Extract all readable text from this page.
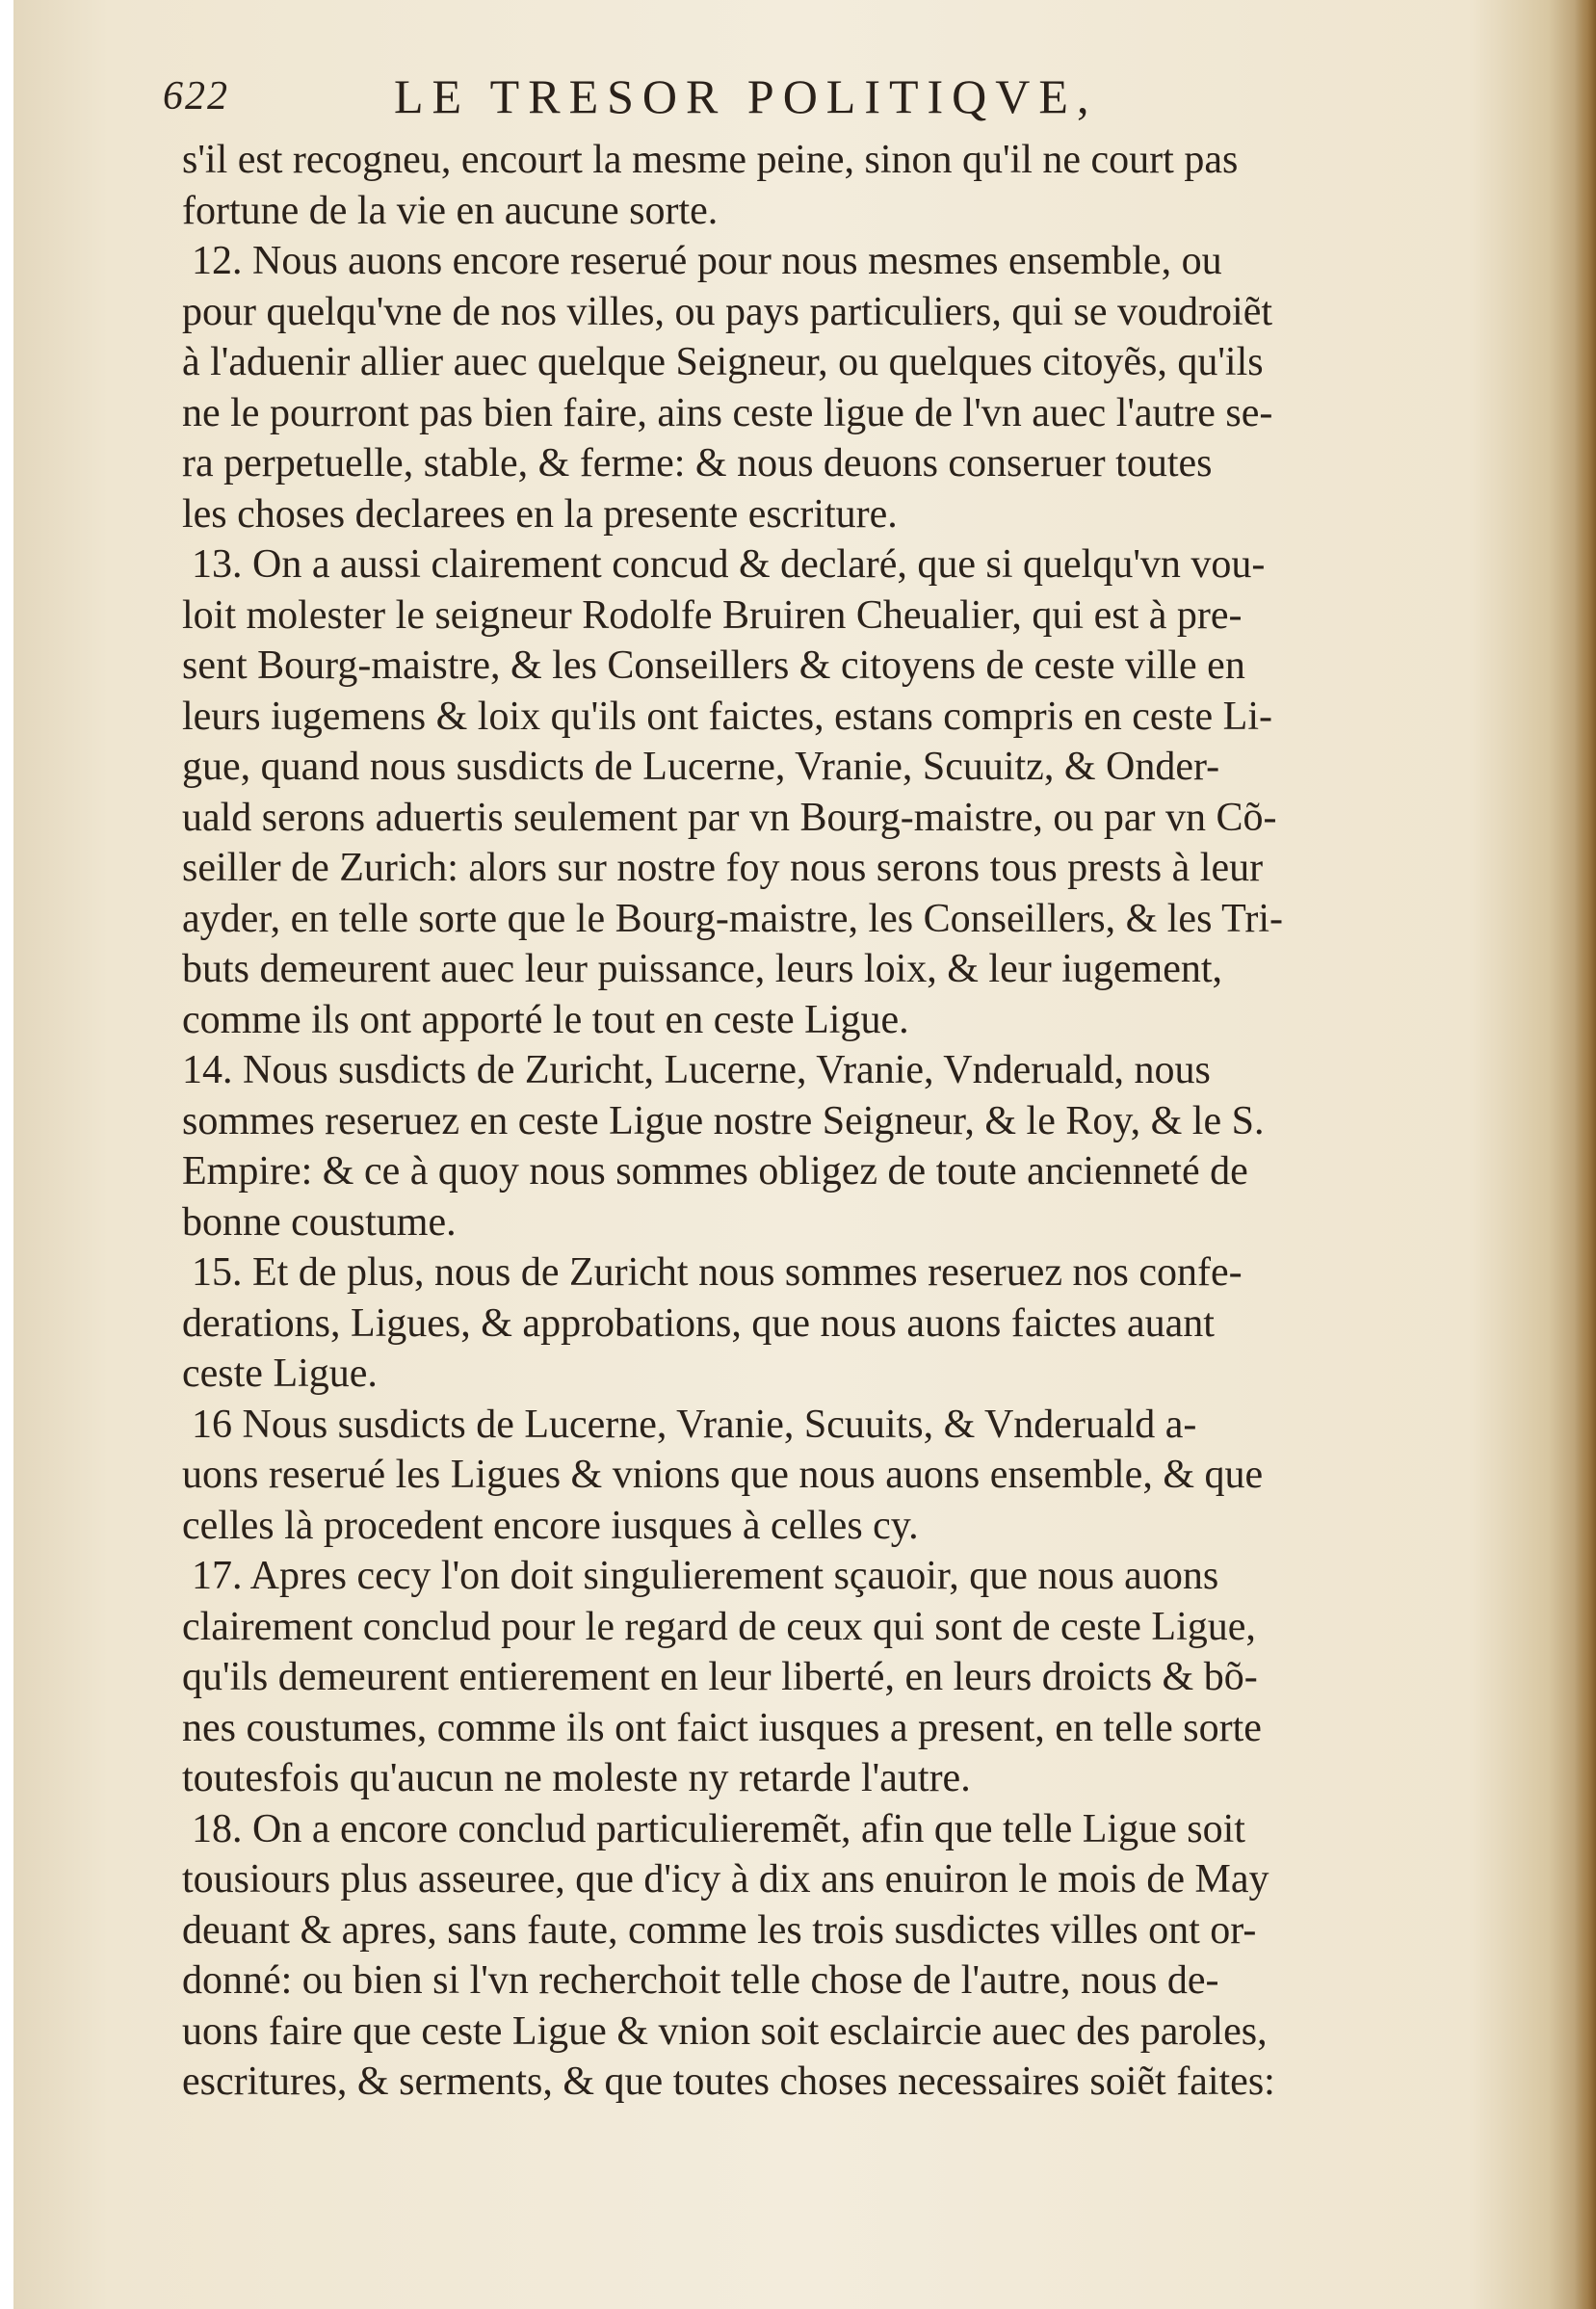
622	LE TRESOR POLITIQVE,
s'il est recogneu, encourt la mesme peine, sinon qu'il ne court pas
fortune de la vie en aucune sorte.
12. Nous auons encore reserué pour nous mesmes ensemble, ou
pour quelqu'vne de nos villes, ou pays particuliers, qui se voudroiẽt
à l'aduenir allier auec quelque Seigneur, ou quelques citoyẽs, qu'ils
ne le pourront pas bien faire, ains ceste ligue de l'vn auec l'autre se-
ra perpetuelle, stable, & ferme: & nous deuons conseruer toutes
les choses declarees en la presente escriture.
13. On a aussi clairement concud & declaré, que si quelqu'vn vou-
loit molester le seigneur Rodolfe Bruiren Cheualier, qui est à pre-
sent Bourg-maistre, & les Conseillers & citoyens de ceste ville en
leurs iugemens & loix qu'ils ont faictes, estans compris en ceste Li-
gue, quand nous susdicts de Lucerne, Vranie, Scuuitz, & Onder-
uald serons aduertis seulement par vn Bourg-maistre, ou par vn Cõ-
seiller de Zurich: alors sur nostre foy nous serons tous prests à leur
ayder, en telle sorte que le Bourg-maistre, les Conseillers, & les Tri-
buts demeurent auec leur puissance, leurs loix, & leur iugement,
comme ils ont apporté le tout en ceste Ligue.
14. Nous susdicts de Zuricht, Lucerne, Vranie, Vnderuald, nous
sommes reseruez en ceste Ligue nostre Seigneur, & le Roy, & le S.
Empire: & ce à quoy nous sommes obligez de toute ancienneté de
bonne coustume.
15. Et de plus, nous de Zuricht nous sommes reseruez nos confe-
derations, Ligues, & approbations, que nous auons faictes auant
ceste Ligue.
16 Nous susdicts de Lucerne, Vranie, Scuuits, & Vnderuald a-
uons reserué les Ligues & vnions que nous auons ensemble, & que
celles là procedent encore iusques à celles cy.
17. Apres cecy l'on doit singulierement sçauoir, que nous auons
clairement conclud pour le regard de ceux qui sont de ceste Ligue,
qu'ils demeurent entierement en leur liberté, en leurs droicts & bõ-
nes coustumes, comme ils ont faict iusques a present, en telle sorte
toutesfois qu'aucun ne moleste ny retarde l'autre.
18. On a encore conclud particulieremẽt, afin que telle Ligue soit
tousiours plus asseuree, que d'icy à dix ans enuiron le mois de May
deuant & apres, sans faute, comme les trois susdictes villes ont or-
donné: ou bien si l'vn recherchoit telle chose de l'autre, nous de-
uons faire que ceste Ligue & vnion soit esclaircie auec des paroles,
escritures, & serments, & que toutes choses necessaires soiẽt faites:
